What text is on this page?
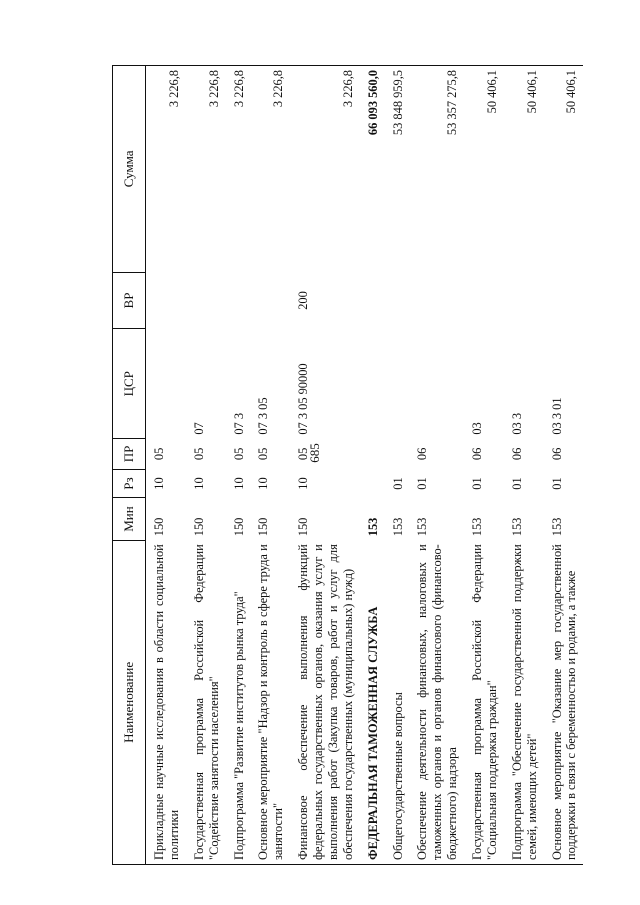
685
Наименование	Мин	Рз	ПР	ЦСР	ВР	Сумма
Прикладные научные исследования в области социальной политики	150	10	05			3 226,8
Государственная программа Российской Федерации "Содействие занятости населения"	150	10	05	07		3 226,8
Подпрограмма "Развитие институтов рынка труда"	150	10	05	07 3		3 226,8
Основное мероприятие "Надзор и контроль в сфере труда и занятости"	150	10	05	07 3 05		3 226,8
Финансовое обеспечение выполнения функций федеральных государственных органов, оказания услуг и выполнения работ (Закупка товаров, работ и услуг для обеспечения государственных (муниципальных) нужд)	150	10	05	07 3 05 90000	200	3 226,8
ФЕДЕРАЛЬНАЯ ТАМОЖЕННАЯ СЛУЖБА	153					66 093 560,0
Общегосударственные вопросы	153	01				53 848 959,5
Обеспечение деятельности финансовых, налоговых и таможенных органов и органов финансового (финансово-бюджетного) надзора	153	01	06			53 357 275,8
Государственная программа Российской Федерации "Социальная поддержка граждан"	153	01	06	03		50 406,1
Подпрограмма "Обеспечение государственной поддержки семей, имеющих детей"	153	01	06	03 3		50 406,1
Основное мероприятие "Оказание мер государственной поддержки в связи с беременностью и родами, а также	153	01	06	03 3 01		50 406,1
